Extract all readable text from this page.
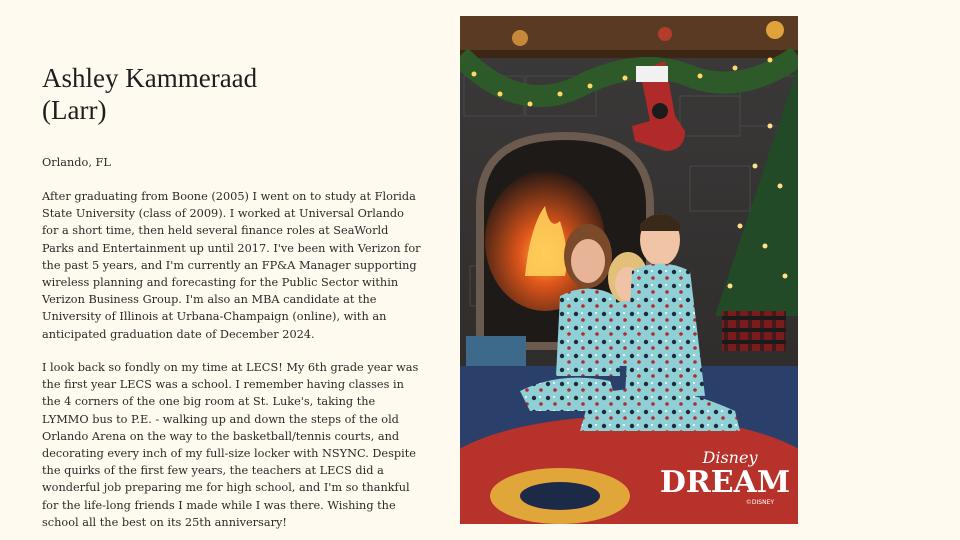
Ashley Kammeraad
(Larr)

Orlando, FL

After graduating from Boone (2005) I went on to study at Florida State University (class of 2009). I worked at Universal Orlando for a short time, then held several finance roles at SeaWorld Parks and Entertainment up until 2017. I've been with Verizon for the past 5 years, and I'm currently an FP&A Manager supporting wireless planning and forecasting for the Public Sector within Verizon Business Group. I'm also an MBA candidate at the University of Illinois at Urbana-Champaign (online), with an anticipated graduation date of December 2024.

I look back so fondly on my time at LECS! My 6th grade year was the first year LECS was a school. I remember having classes in the 4 corners of the one big room at St. Luke's, taking the LYMMO bus to P.E. - walking up and down the steps of the old Orlando Arena on the way to the basketball/tennis courts, and decorating every inch of my full-size locker with NSYNC. Despite the quirks of the first few years, the teachers at LECS did a wonderful job preparing me for high school, and I'm so thankful for the life-long friends I made while I was there. Wishing the school all the best on its 25th anniversary!

Disney
DREAM
©DISNEY
